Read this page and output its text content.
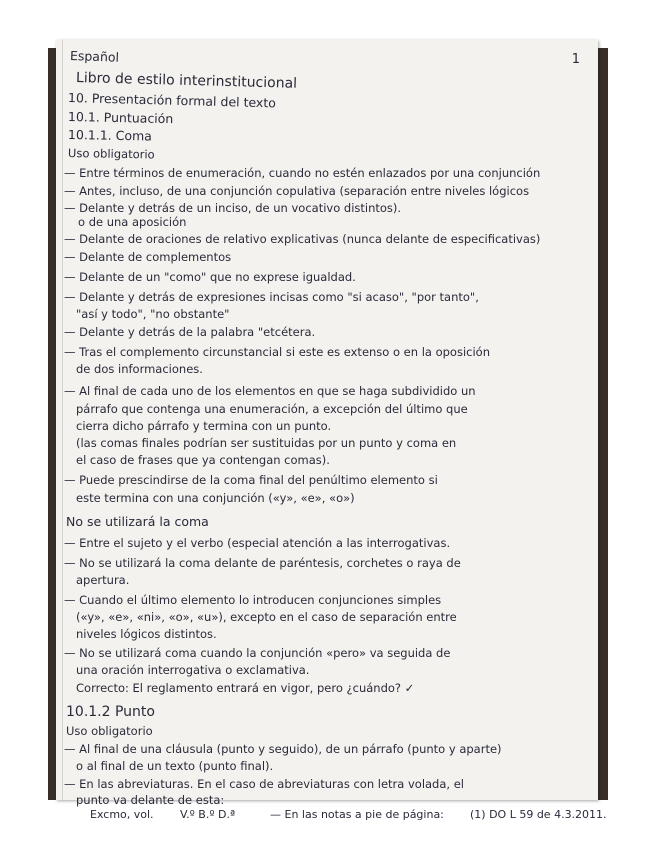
1
Español
Libro de estilo interinstitucional
10. Presentación formal del texto
10.1. Puntuación
10.1.1. Coma
Uso obligatorio
— Entre términos de enumeración, cuando no estén enlazados por una conjunción
— Antes, incluso, de una conjunción copulativa (separación entre niveles lógicos
— Delante y detrás de un inciso, de un vocativo distintos).
o de una aposición
— Delante de oraciones de relativo explicativas (nunca delante de especificativas)
— Delante de complementos
— Delante de un "como" que no exprese igualdad.
— Delante y detrás de expresiones incisas como "si acaso", "por tanto",
"así y todo", "no obstante"
— Delante y detrás de la palabra "etcétera.
— Tras el complemento circunstancial si este es extenso o en la oposición
de dos informaciones.
— Al final de cada uno de los elementos en que se haga subdividido un
párrafo que contenga una enumeración, a excepción del último que
cierra dicho párrafo y termina con un punto.
(las comas finales podrían ser sustituidas por un punto y coma en
el caso de frases que ya contengan comas).
— Puede prescindirse de la coma final del penúltimo elemento si
este termina con una conjunción («y», «e», «o»)
No se utilizará la coma
— Entre el sujeto y el verbo (especial atención a las interrogativas.
— No se utilizará la coma delante de paréntesis, corchetes o raya de
apertura.
— Cuando el último elemento lo introducen conjunciones simples
(«y», «e», «ni», «o», «u»), excepto en el caso de separación entre
niveles lógicos distintos.
— No se utilizará coma cuando la conjunción «pero» va seguida de
una oración interrogativa o exclamativa.
Correcto: El reglamento entrará en vigor, pero ¿cuándo? ✓
10.1.2 Punto
Uso obligatorio
— Al final de una cláusula (punto y seguido), de un párrafo (punto y aparte)
o al final de un texto (punto final).
— En las abreviaturas. En el caso de abreviaturas con letra volada, el
punto va delante de esta:
Excmo, vol. V.º B.º D.ª	— En las notas a pie de página: (1) DO L 59 de 4.3.2011.
